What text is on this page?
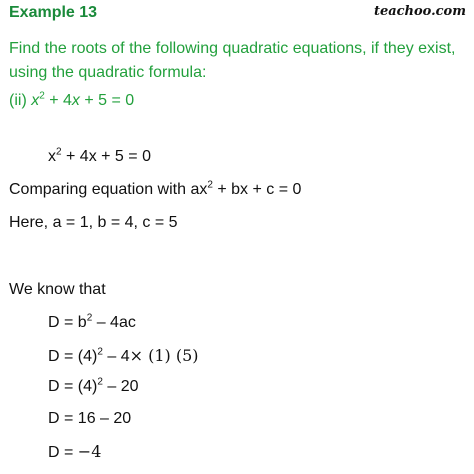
Example 13	teachoo.com
Find the roots of the following quadratic equations, if they exist,
using the quadratic formula:
(ii) $x^2 + 4x + 5 = 0$
$x^2 + 4x + 5 = 0$
Comparing equation with $ax^2$ + bx + c = 0
Here, a = 1, b = 4, c = 5
We know that
$D = b^2 - 4ac$
$D = (4)^2 - 4\times (1)$ (5)
$D = (4)^2 - 20$
D = 16 – 20
D = −4
